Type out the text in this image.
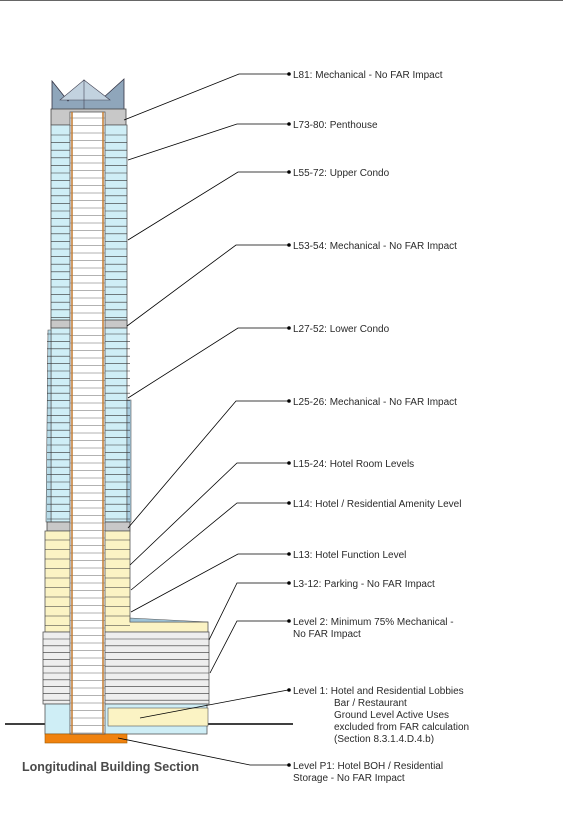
L81: Mechanical - No FAR Impact
L73-80: Penthouse
L55-72: Upper Condo
L53-54: Mechanical - No FAR Impact
L27-52: Lower Condo
L25-26: Mechanical - No FAR Impact
L15-24: Hotel Room Levels
L14: Hotel / Residential Amenity Level
L13: Hotel Function Level
L3-12: Parking - No FAR Impact
Level 2: Minimum 75% Mechanical -
No FAR Impact
Level 1: Hotel and Residential Lobbies
Bar / Restaurant
Ground Level Active Uses
excluded from FAR calculation
(Section 8.3.1.4.D.4.b)
Level P1: Hotel BOH / Residential
Storage - No FAR Impact
Longitudinal Building Section
